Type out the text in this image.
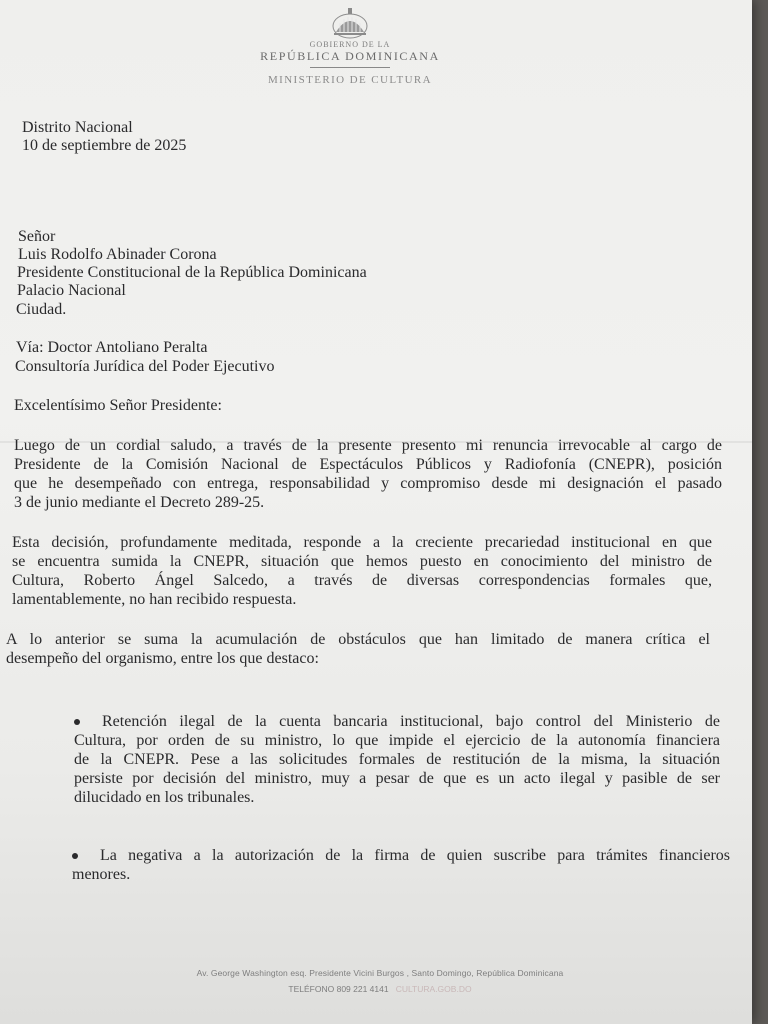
GOBIERNO DE LA
REPÚBLICA DOMINICANA
MINISTERIO DE CULTURA
Distrito Nacional
10 de septiembre de 2025
Señor
Luis Rodolfo Abinader Corona
Presidente Constitucional de la República Dominicana
Palacio Nacional
Ciudad.
Vía: Doctor Antoliano Peralta
Consultoría Jurídica del Poder Ejecutivo
Excelentísimo Señor Presidente:
Luego de un cordial saludo, a través de la presente presento mi renuncia irrevocable al cargo de
Presidente de la Comisión Nacional de Espectáculos Públicos y Radiofonía (CNEPR), posición
que he desempeñado con entrega, responsabilidad y compromiso desde mi designación el pasado
3 de junio mediante el Decreto 289-25.
Esta decisión, profundamente meditada, responde a la creciente precariedad institucional en que
se encuentra sumida la CNEPR, situación que hemos puesto en conocimiento del ministro de
Cultura, Roberto Ángel Salcedo, a través de diversas correspondencias formales que,
lamentablemente, no han recibido respuesta.
A lo anterior se suma la acumulación de obstáculos que han limitado de manera crítica el
desempeño del organismo, entre los que destaco:
Retención ilegal de la cuenta bancaria institucional, bajo control del Ministerio de
Cultura, por orden de su ministro, lo que impide el ejercicio de la autonomía financiera
de la CNEPR. Pese a las solicitudes formales de restitución de la misma, la situación
persiste por decisión del ministro, muy a pesar de que es un acto ilegal y pasible de ser
dilucidado en los tribunales.
La negativa a la autorización de la firma de quien suscribe para trámites financieros
menores.
Av. George Washington esq. Presidente Vicini Burgos , Santo Domingo, República Dominicana
TELÉFONO 809 221 4141 CULTURA.GOB.DO
